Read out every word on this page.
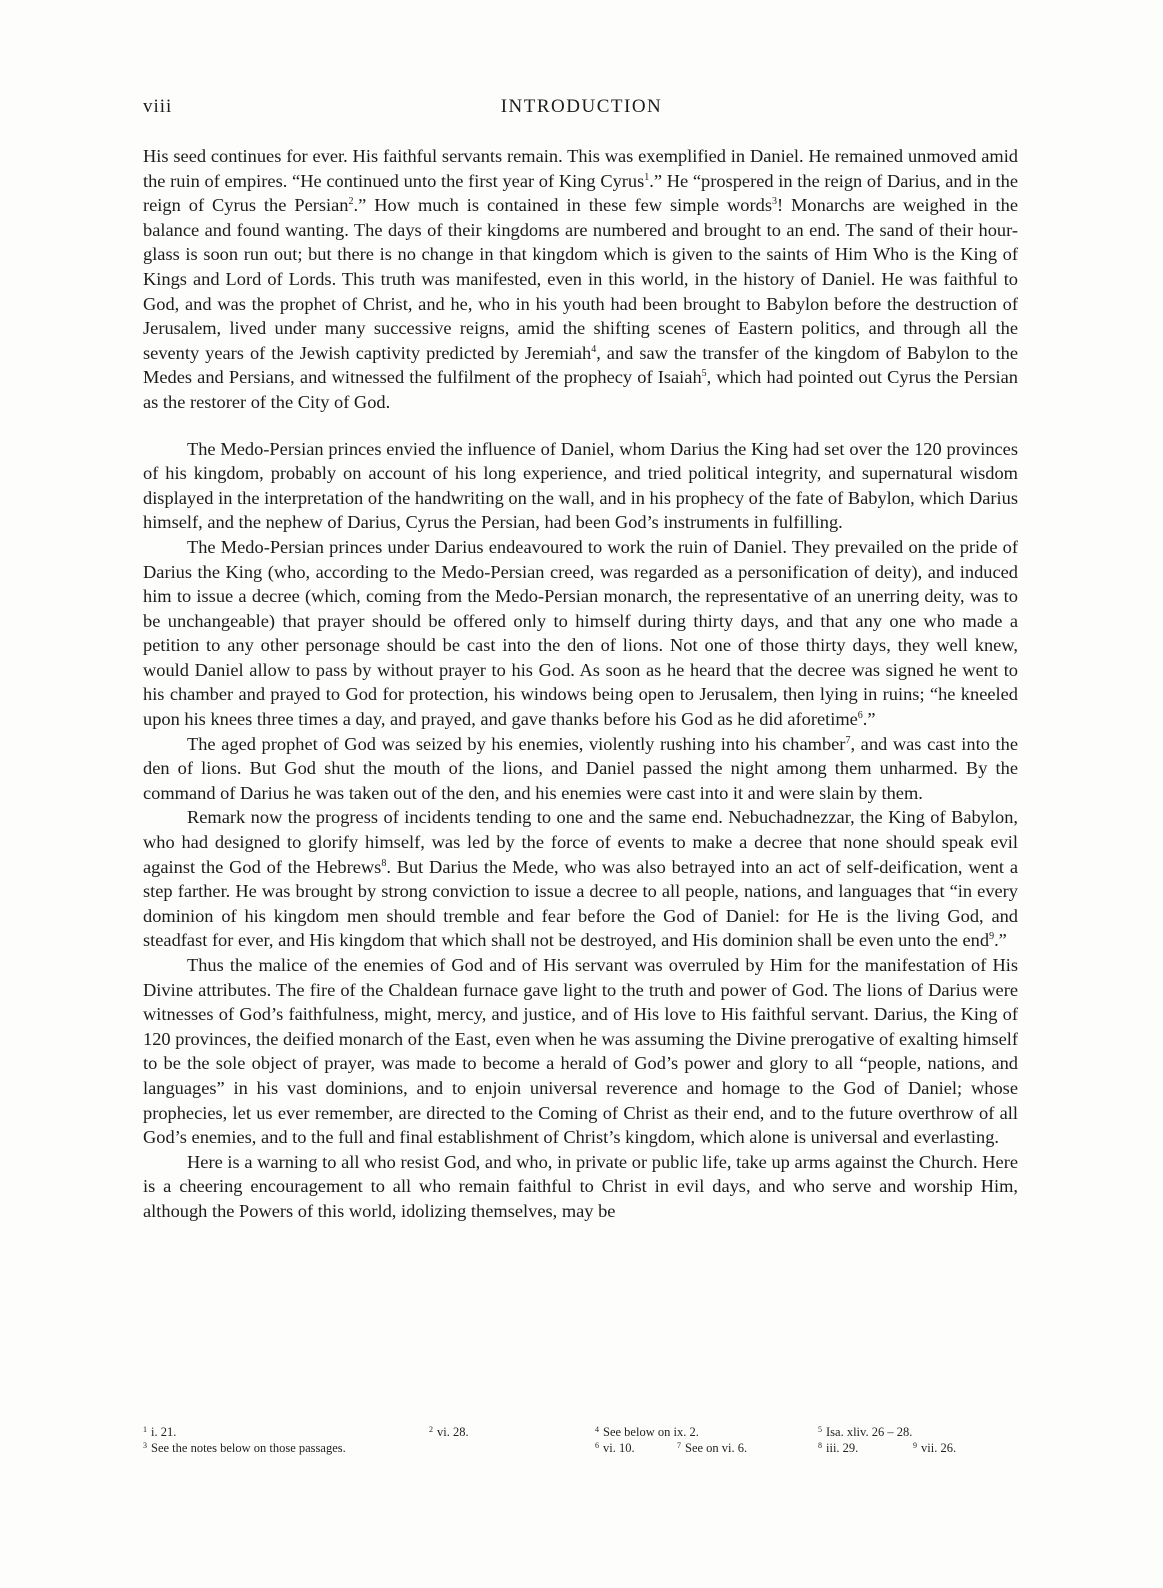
viii	INTRODUCTION

His seed continues for ever. His faithful servants remain. This was exemplified in Daniel. He remained unmoved amid the ruin of empires. “He continued unto the first year of King Cyrus$^1$.” He “prospered in the reign of Darius, and in the reign of Cyrus the Persian$^2$.” How much is contained in these few simple words$^3$! Monarchs are weighed in the balance and found wanting. The days of their kingdoms are numbered and brought to an end. The sand of their hour-glass is soon run out; but there is no change in that kingdom which is given to the saints of Him Who is the King of Kings and Lord of Lords. This truth was manifested, even in this world, in the history of Daniel. He was faithful to God, and was the prophet of Christ, and he, who in his youth had been brought to Babylon before the destruction of Jerusalem, lived under many successive reigns, amid the shifting scenes of Eastern politics, and through all the seventy years of the Jewish captivity predicted by Jeremiah$^4$, and saw the transfer of the kingdom of Babylon to the Medes and Persians, and witnessed the fulfilment of the prophecy of Isaiah$^5$, which had pointed out Cyrus the Persian as the restorer of the City of God.

The Medo-Persian princes envied the influence of Daniel, whom Darius the King had set over the 120 provinces of his kingdom, probably on account of his long experience, and tried political integrity, and supernatural wisdom displayed in the interpretation of the handwriting on the wall, and in his prophecy of the fate of Babylon, which Darius himself, and the nephew of Darius, Cyrus the Persian, had been God’s instruments in fulfilling.

The Medo-Persian princes under Darius endeavoured to work the ruin of Daniel. They prevailed on the pride of Darius the King (who, according to the Medo-Persian creed, was regarded as a personification of deity), and induced him to issue a decree (which, coming from the Medo-Persian monarch, the representative of an unerring deity, was to be unchangeable) that prayer should be offered only to himself during thirty days, and that any one who made a petition to any other personage should be cast into the den of lions. Not one of those thirty days, they well knew, would Daniel allow to pass by without prayer to his God. As soon as he heard that the decree was signed he went to his chamber and prayed to God for protection, his windows being open to Jerusalem, then lying in ruins; “he kneeled upon his knees three times a day, and prayed, and gave thanks before his God as he did aforetime$^6$.”

The aged prophet of God was seized by his enemies, violently rushing into his chamber$^7$, and was cast into the den of lions. But God shut the mouth of the lions, and Daniel passed the night among them unharmed. By the command of Darius he was taken out of the den, and his enemies were cast into it and were slain by them.

Remark now the progress of incidents tending to one and the same end. Nebuchadnezzar, the King of Babylon, who had designed to glorify himself, was led by the force of events to make a decree that none should speak evil against the God of the Hebrews$^8$. But Darius the Mede, who was also betrayed into an act of self-deification, went a step farther. He was brought by strong conviction to issue a decree to all people, nations, and languages that “in every dominion of his kingdom men should tremble and fear before the God of Daniel: for He is the living God, and steadfast for ever, and His kingdom that which shall not be destroyed, and His dominion shall be even unto the end$^9$.”

Thus the malice of the enemies of God and of His servant was overruled by Him for the manifestation of His Divine attributes. The fire of the Chaldean furnace gave light to the truth and power of God. The lions of Darius were witnesses of God’s faithfulness, might, mercy, and justice, and of His love to His faithful servant. Darius, the King of 120 provinces, the deified monarch of the East, even when he was assuming the Divine prerogative of exalting himself to be the sole object of prayer, was made to become a herald of God’s power and glory to all “people, nations, and languages” in his vast dominions, and to enjoin universal reverence and homage to the God of Daniel; whose prophecies, let us ever remember, are directed to the Coming of Christ as their end, and to the future overthrow of all God’s enemies, and to the full and final establishment of Christ’s kingdom, which alone is universal and everlasting.

Here is a warning to all who resist God, and who, in private or public life, take up arms against the Church. Here is a cheering encouragement to all who remain faithful to Christ in evil days, and who serve and worship Him, although the Powers of this world, idolizing themselves, may be

$^1$ i. 21.	$^2$ vi. 28.	$^4$ See below on ix. 2.	$^5$ Isa. xliv. 26 – 28.
$^3$ See the notes below on those passages.	$^6$ vi. 10.	$^7$ See on vi. 6.	$^8$ iii. 29.	$^9$ vii. 26.
